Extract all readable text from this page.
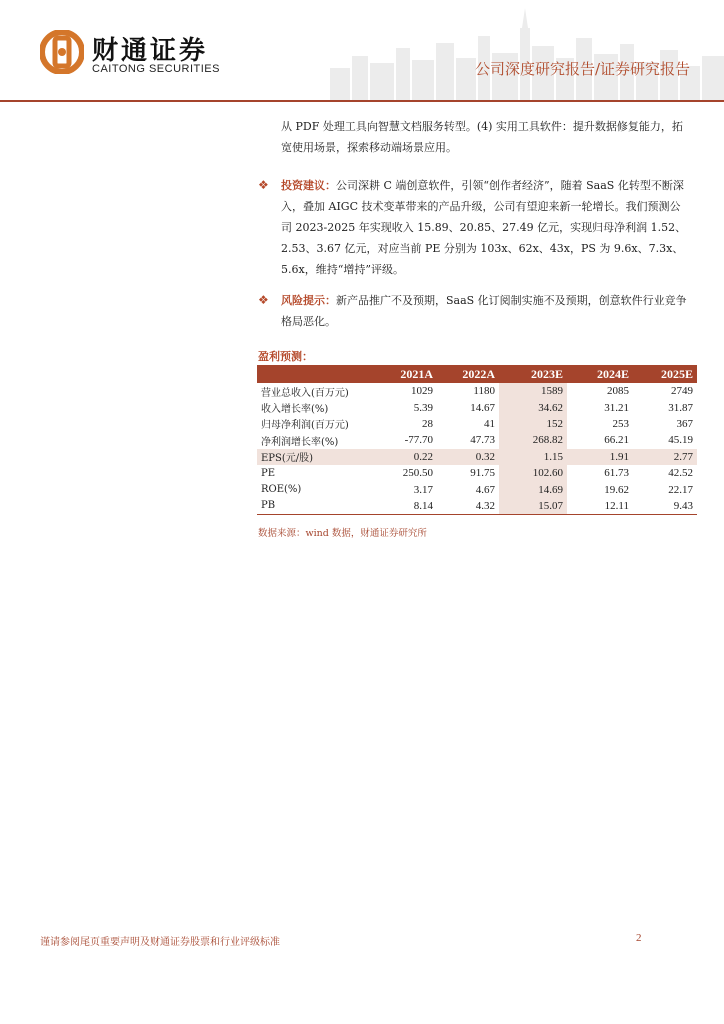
财通证券
CAITONG SECURITIES	公司深度研究报告/证券研究报告
从 PDF 处理工具向智慧文档服务转型。(4) 实用工具软件：提升数据修复能力，拓宽使用场景，探索移动端场景应用。
❖ 投资建议：公司深耕 C 端创意软件，引领“创作者经济”，随着 SaaS 化转型不断深入，叠加 AIGC 技术变革带来的产品升级，公司有望迎来新一轮增长。我们预测公司 2023-2025 年实现收入 15.89、20.85、27.49 亿元，实现归母净利润 1.52、2.53、3.67 亿元，对应当前 PE 分别为 103x、62x、43x，PS 为 9.6x、7.3x、5.6x，维持“增持”评级。
❖ 风险提示：新产品推广不及预期，SaaS 化订阅制实施不及预期，创意软件行业竞争格局恶化。
盈利预测：
	2021A	2022A	2023E	2024E	2025E
营业总收入(百万元)	1029	1180	1589	2085	2749
收入增长率(%)	5.39	14.67	34.62	31.21	31.87
归母净利润(百万元)	28	41	152	253	367
净利润增长率(%)	-77.70	47.73	268.82	66.21	45.19
EPS(元/股)	0.22	0.32	1.15	1.91	2.77
PE	250.50	91.75	102.60	61.73	42.52
ROE(%)	3.17	4.67	14.69	19.62	22.17
PB	8.14	4.32	15.07	12.11	9.43
数据来源：wind 数据，财通证券研究所
谨请参阅尾页重要声明及财通证券股票和行业评级标准	2
